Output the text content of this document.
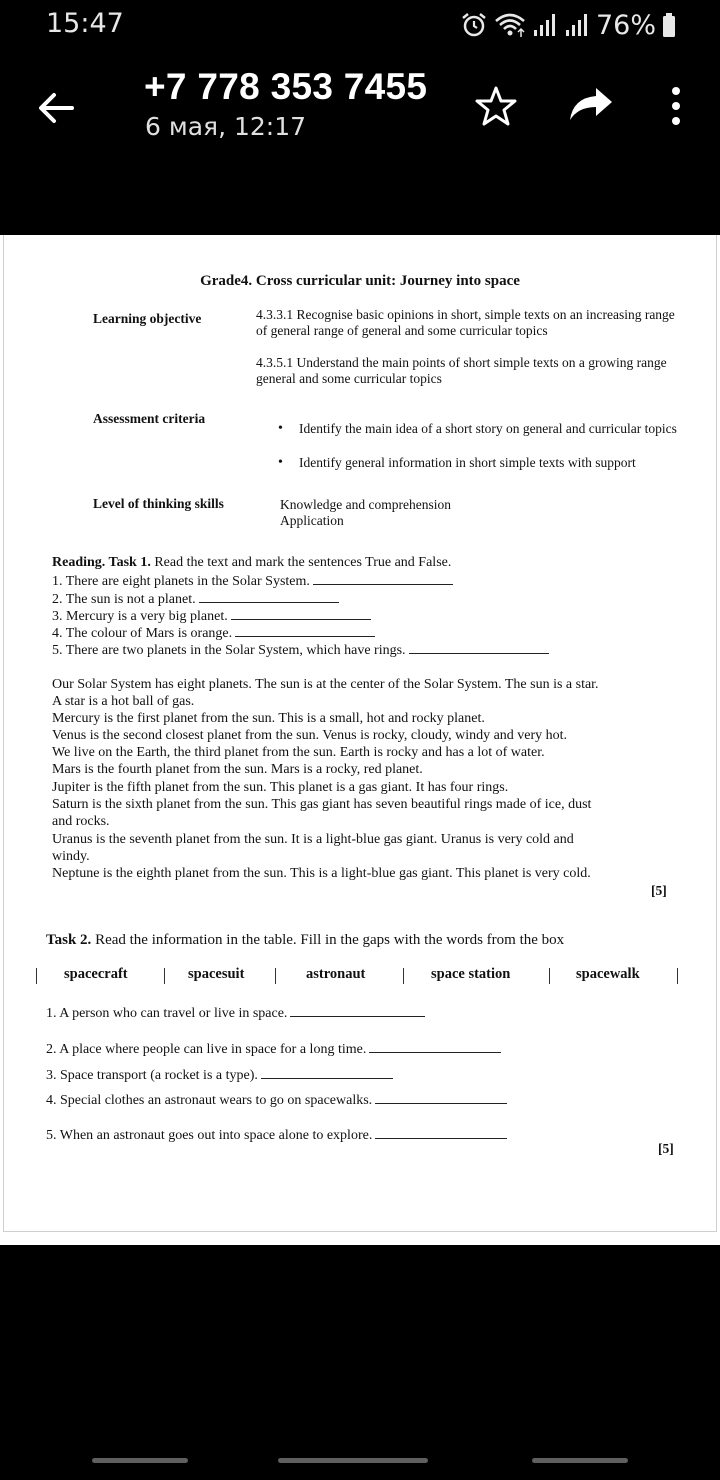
15:47	76%
+7 778 353 7455
6 мая, 12:17
Grade4. Cross curricular unit: Journey into space
Learning objective	4.3.3.1 Recognise basic opinions in short, simple texts on an increasing range of general range of general and some curricular topics
4.3.5.1 Understand the main points of short simple texts on a growing range general and some curricular topics
Assessment criteria
• Identify the main idea of a short story on general and curricular topics
• Identify general information in short simple texts with support
Level of thinking skills	Knowledge and comprehension
Application
Reading. Task 1. Read the text and mark the sentences True and False.
1. There are eight planets in the Solar System.
2. The sun is not a planet.
3. Mercury is a very big planet.
4. The colour of Mars is orange.
5. There are two planets in the Solar System, which have rings.
Our Solar System has eight planets. The sun is at the center of the Solar System. The sun is a star.
A star is a hot ball of gas.
Mercury is the first planet from the sun. This is a small, hot and rocky planet.
Venus is the second closest planet from the sun. Venus is rocky, cloudy, windy and very hot.
We live on the Earth, the third planet from the sun. Earth is rocky and has a lot of water.
Mars is the fourth planet from the sun. Mars is a rocky, red planet.
Jupiter is the fifth planet from the sun. This planet is a gas giant. It has four rings.
Saturn is the sixth planet from the sun. This gas giant has seven beautiful rings made of ice, dust
and rocks.
Uranus is the seventh planet from the sun. It is a light-blue gas giant. Uranus is very cold and
windy.
Neptune is the eighth planet from the sun. This is a light-blue gas giant. This planet is very cold.
[5]
Task 2. Read the information in the table. Fill in the gaps with the words from the box
spacecraft	spacesuit	astronaut	space station	spacewalk
1. A person who can travel or live in space.
2. A place where people can live in space for a long time.
3. Space transport (a rocket is a type).
4. Special clothes an astronaut wears to go on spacewalks.
5. When an astronaut goes out into space alone to explore.
[5]
